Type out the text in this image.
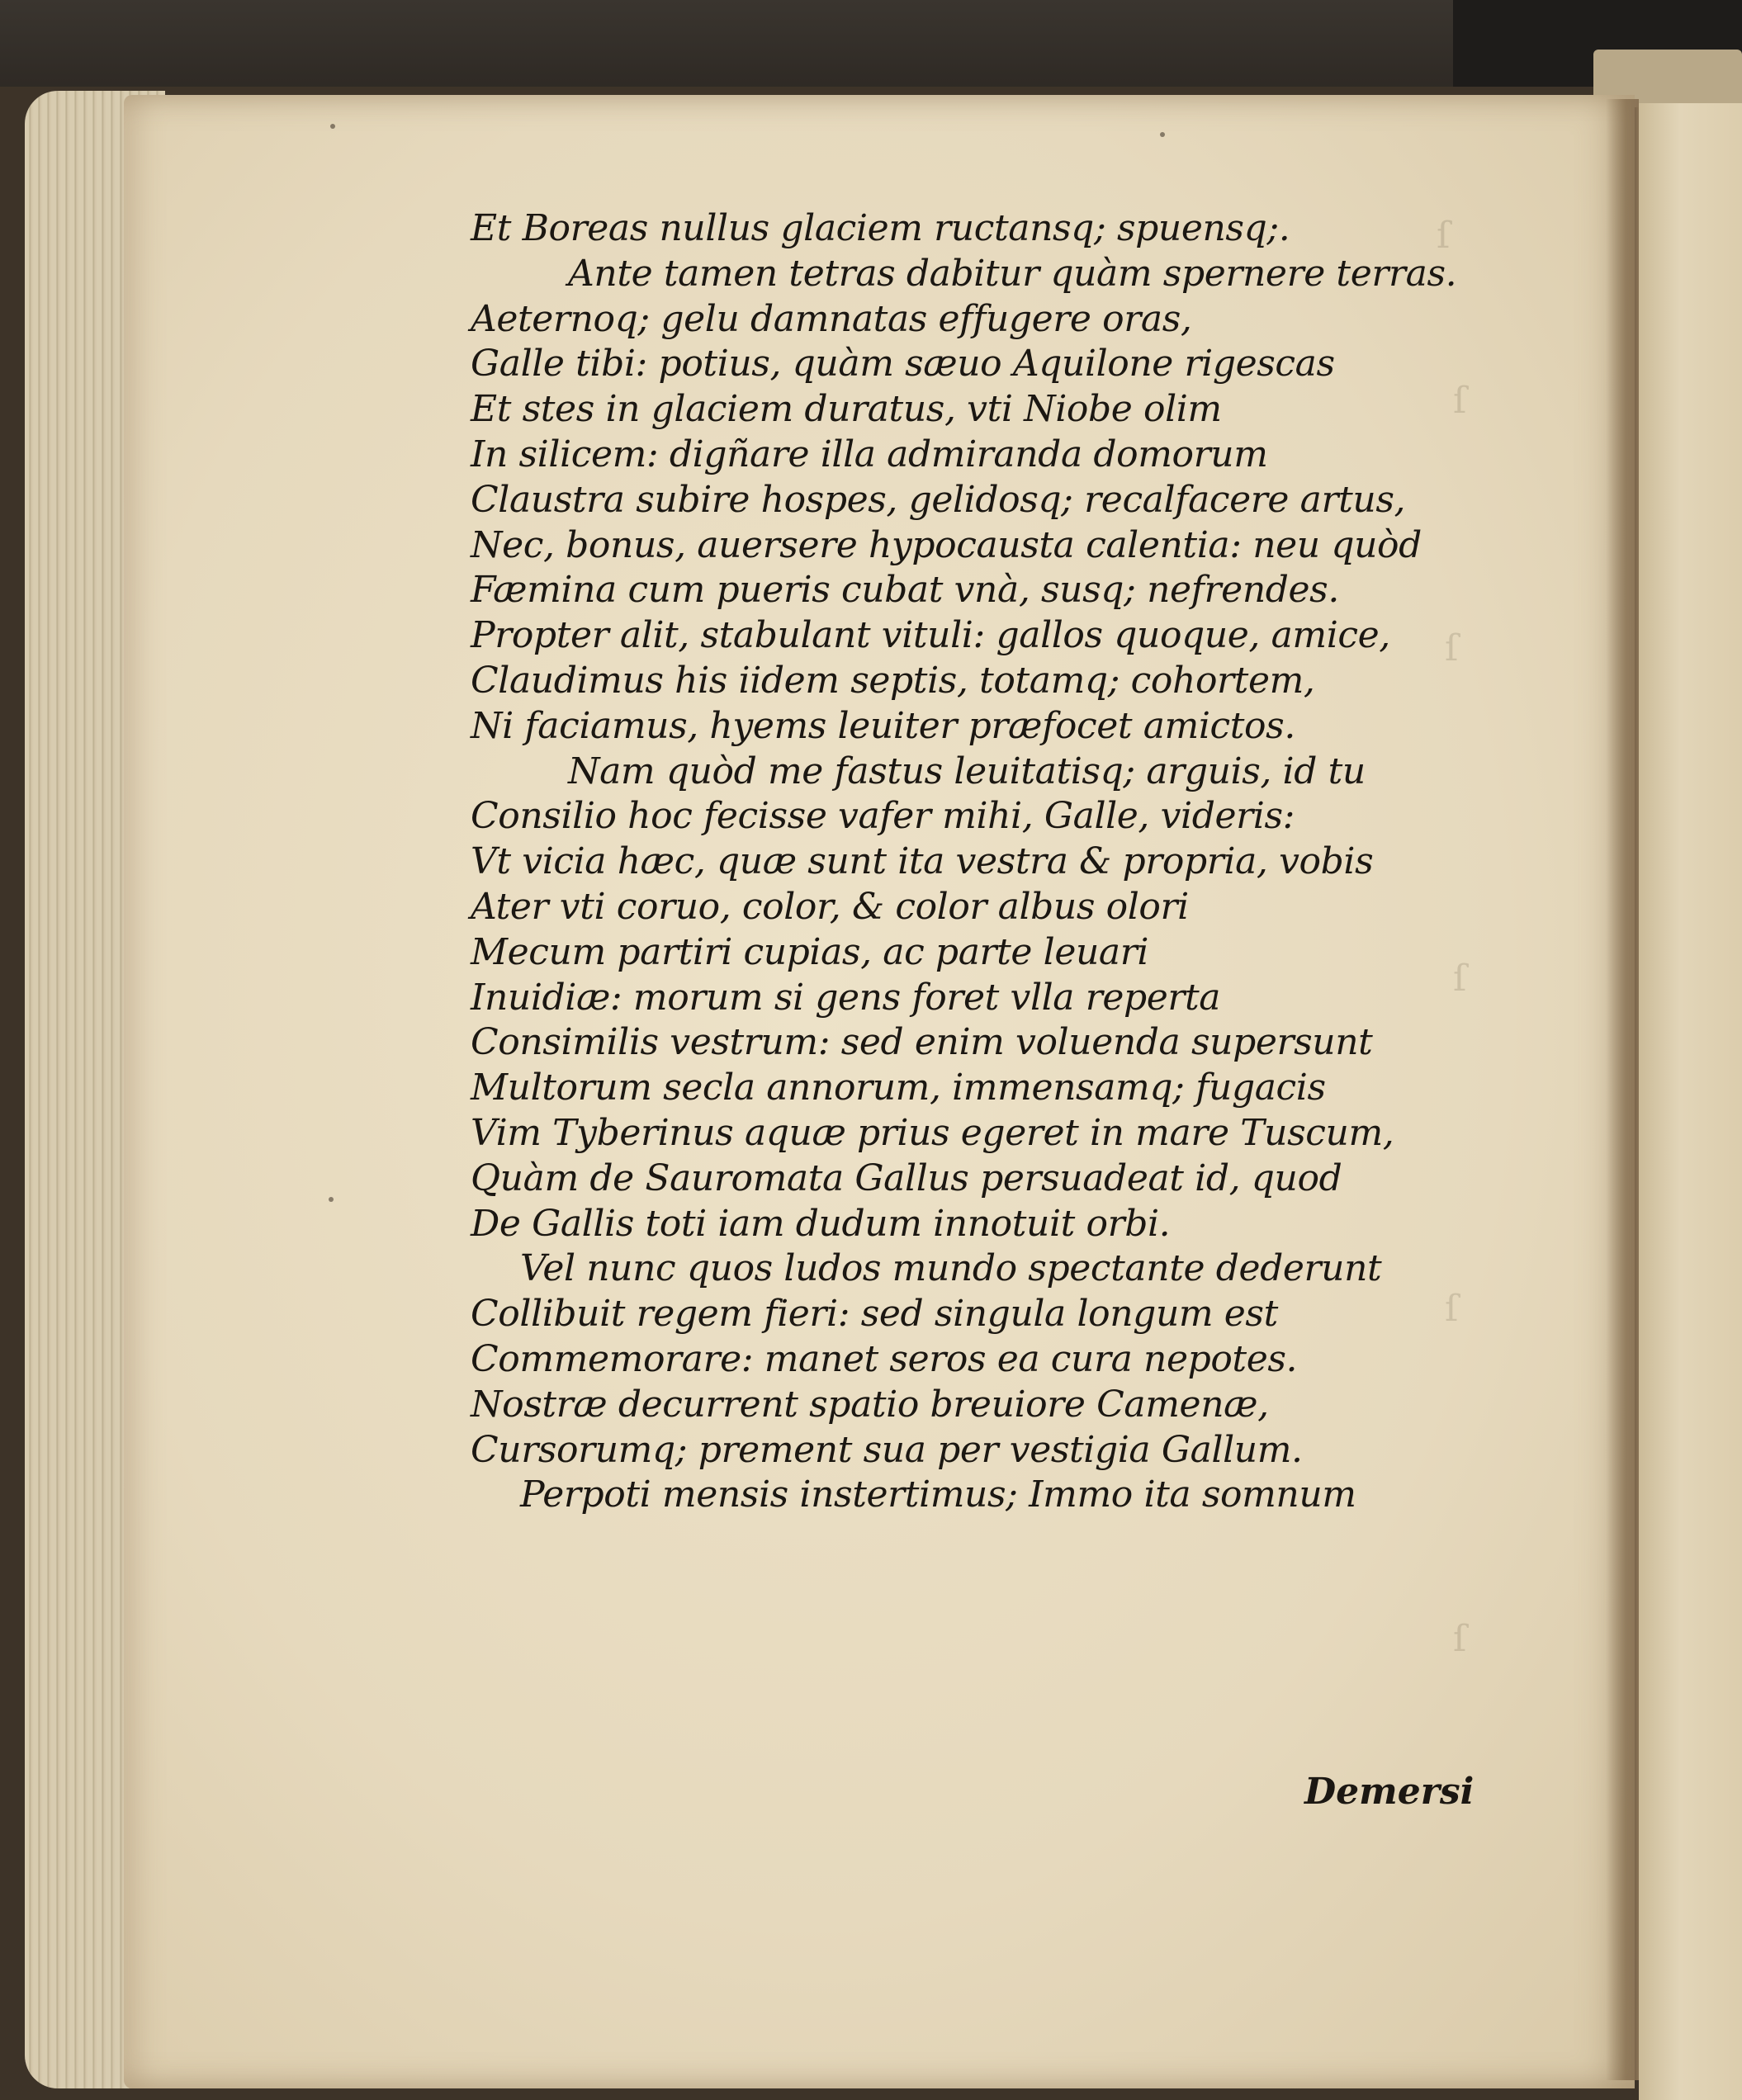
ſ
ſ
ſ
ſ
ſ
ſ
Et Boreas nullus glaciem ructansq; spuensq;.
Ante tamen tetras dabitur quàm spernere terras.
Aeternoq; gelu damnatas effugere oras,
Galle tibi: potius, quàm sæuo Aquilone rigescas
Et stes in glaciem duratus, vti Niobe olim
In silicem: digñare illa admiranda domorum
Claustra subire hospes, gelidosq; recalfacere artus,
Nec, bonus, auersere hypocausta calentia: neu quòd
Fæmina cum pueris cubat vnà, susq; nefrendes.
Propter alit, stabulant vituli: gallos quoque, amice,
Claudimus his iidem septis, totamq; cohortem,
Ni faciamus, hyems leuiter præfocet amictos.
Nam quòd me fastus leuitatisq; arguis, id tu
Consilio hoc fecisse vafer mihi, Galle, videris:
Vt vicia hæc, quæ sunt ita vestra & propria, vobis
Ater vti coruo, color, & color albus olori
Mecum partiri cupias, ac parte leuari
Inuidiæ: morum si gens foret vlla reperta
Consimilis vestrum: sed enim voluenda supersunt
Multorum secla annorum, immensamq; fugacis
Vim Tyberinus aquæ prius egeret in mare Tuscum,
Quàm de Sauromata Gallus persuadeat id, quod
De Gallis toti iam dudum innotuit orbi.
Vel nunc quos ludos mundo spectante dederunt
Collibuit regem fieri: sed singula longum est
Commemorare: manet seros ea cura nepotes.
Nostræ decurrent spatio breuiore Camenæ,
Cursorumq; prement sua per vestigia Gallum.
Perpoti mensis instertimus; Immo ita somnum
Demersi
